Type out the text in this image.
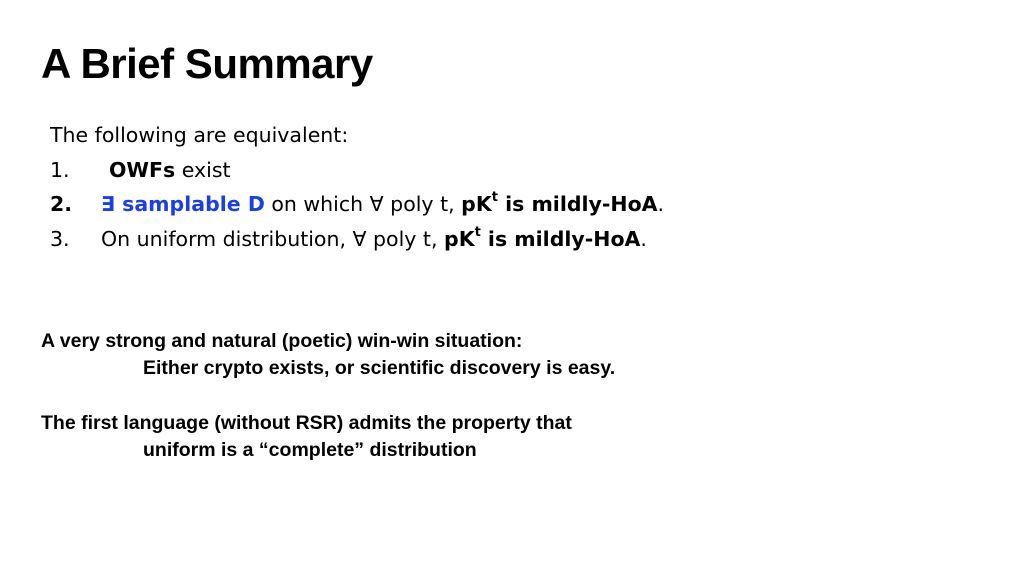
A Brief Summary
The following are equivalent:
1. OWFs exist
2. ∃ samplable D on which ∀ poly t, $pK^t$ is mildly-HoA.
3. On uniform distribution, ∀ poly t, $pK^t$ is mildly-HoA.
A very strong and natural (poetic) win-win situation:
Either crypto exists, or scientific discovery is easy.
The first language (without RSR) admits the property that
uniform is a “complete” distribution
